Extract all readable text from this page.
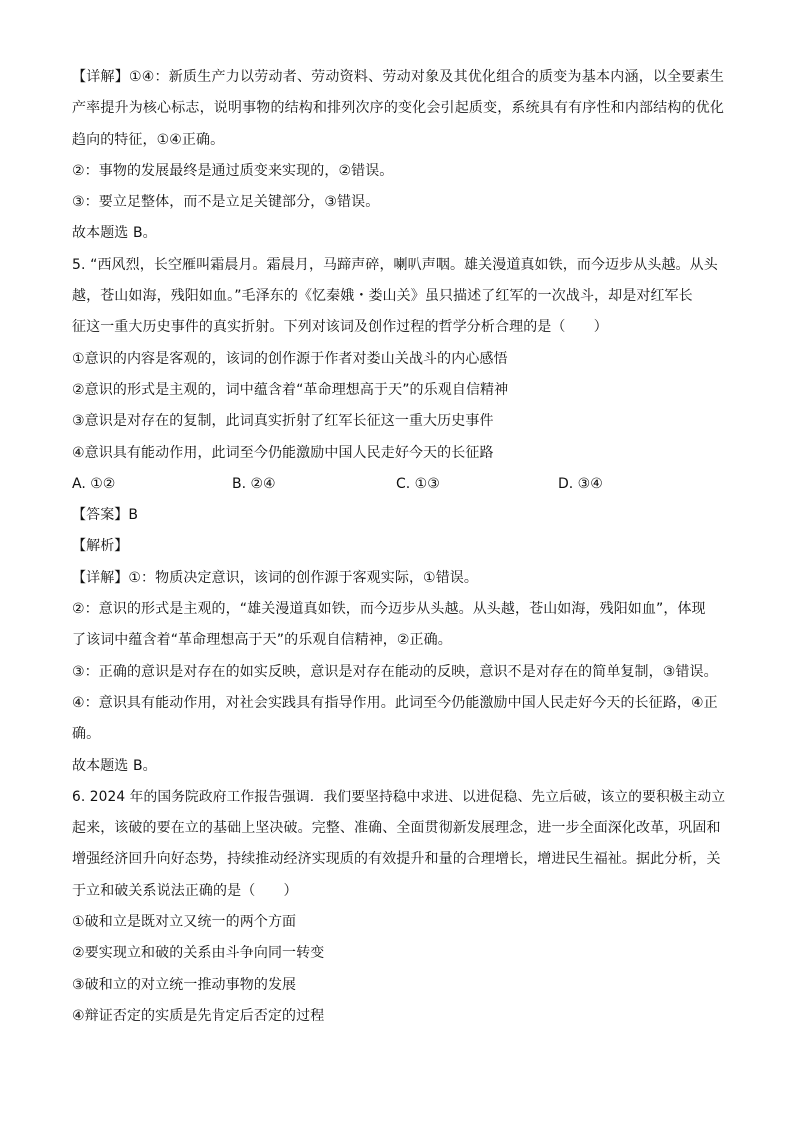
【详解】①④：新质生产力以劳动者、劳动资料、劳动对象及其优化组合的质变为基本内涵，以全要素生产率提升为核心标志，说明事物的结构和排列次序的变化会引起质变，系统具有有序性和内部结构的优化趋向的特征，①④正确。
②：事物的发展最终是通过质变来实现的，②错误。
③：要立足整体，而不是立足关键部分，③错误。
故本题选 B。
5. “西风烈，长空雁叫霜晨月。霜晨月，马蹄声碎，喇叭声咽。雄关漫道真如铁，而今迈步从头越。从头
越，苍山如海，残阳如血。”毛泽东的《忆秦娥・娄山关》虽只描述了红军的一次战斗，却是对红军长
征这一重大历史事件的真实折射。下列对该词及创作过程的哲学分析合理的是（　　）
①意识的内容是客观的，该词的创作源于作者对娄山关战斗的内心感悟
②意识的形式是主观的，词中蕴含着“革命理想高于天”的乐观自信精神
③意识是对存在的复制，此词真实折射了红军长征这一重大历史事件
④意识具有能动作用，此词至今仍能激励中国人民走好今天的长征路
A. ①②	B. ②④	C. ①③	D. ③④
【答案】B
【解析】
【详解】①：物质决定意识，该词的创作源于客观实际，①错误。
②：意识的形式是主观的，“雄关漫道真如铁，而今迈步从头越。从头越，苍山如海，残阳如血”，体现
了该词中蕴含着“革命理想高于天”的乐观自信精神，②正确。
③：正确的意识是对存在的如实反映，意识是对存在能动的反映，意识不是对存在的简单复制，③错误。
④：意识具有能动作用，对社会实践具有指导作用。此词至今仍能激励中国人民走好今天的长征路，④正
确。
故本题选 B。
6. 2024 年的国务院政府工作报告强调．我们要坚持稳中求进、以进促稳、先立后破，该立的要积极主动立
起来，该破的要在立的基础上坚决破。完整、准确、全面贯彻新发展理念，进一步全面深化改革，巩固和
增强经济回升向好态势，持续推动经济实现质的有效提升和量的合理增长，增进民生福祉。据此分析，关
于立和破关系说法正确的是（　　）
①破和立是既对立又统一的两个方面
②要实现立和破的关系由斗争向同一转变
③破和立的对立统一推动事物的发展
④辩证否定的实质是先肯定后否定的过程
